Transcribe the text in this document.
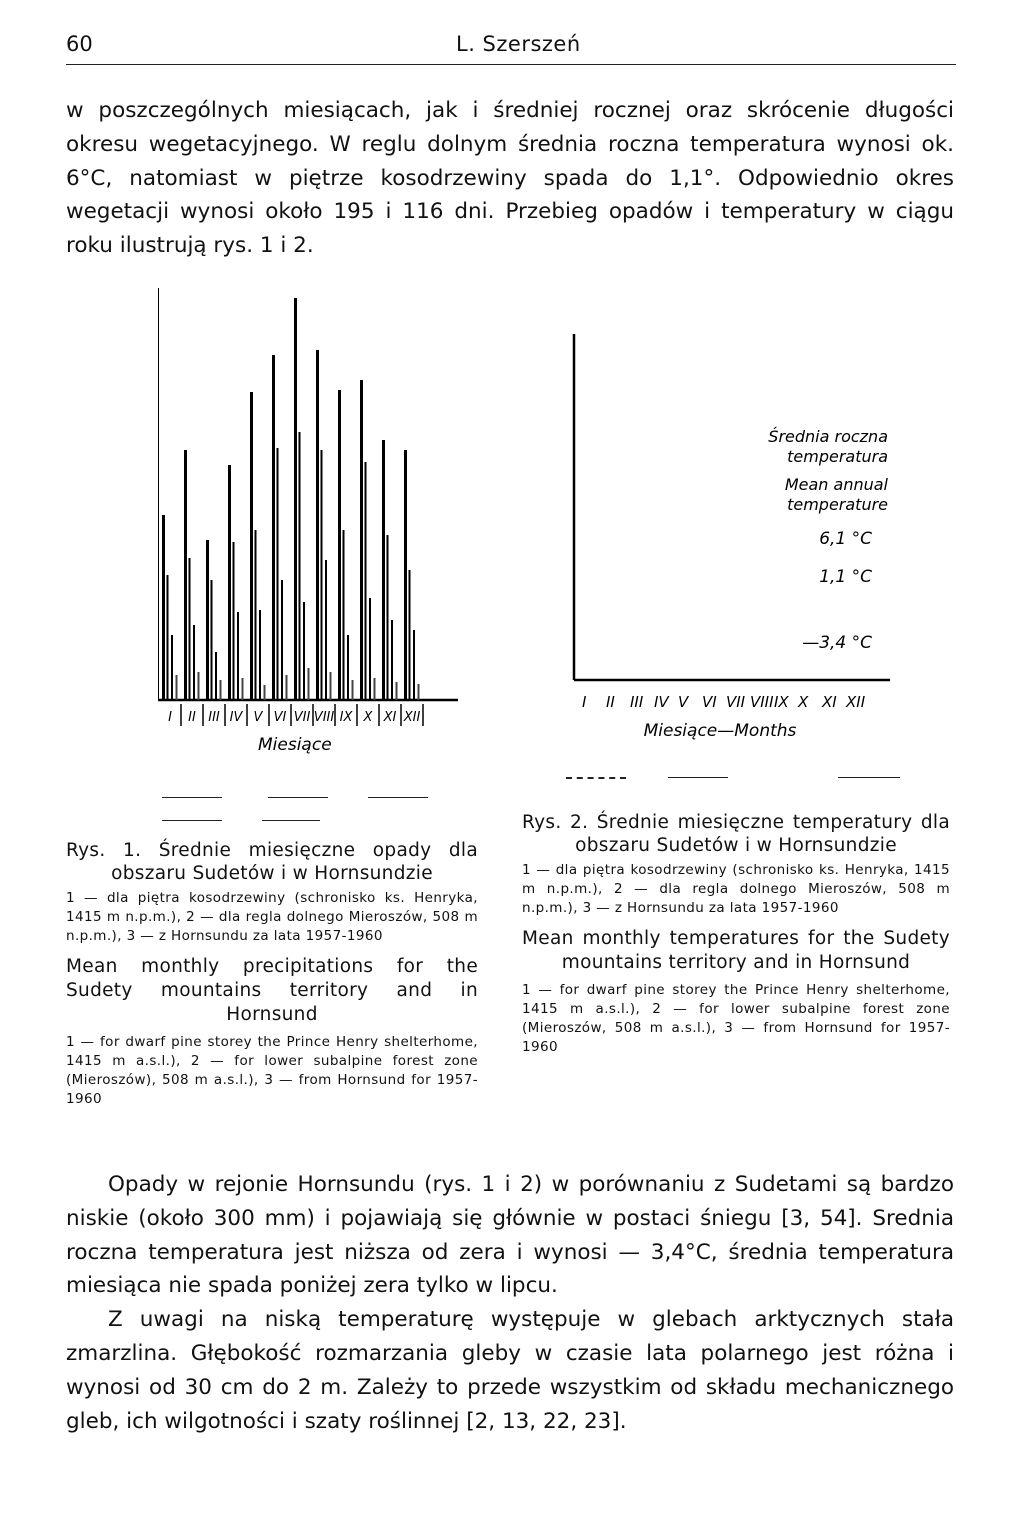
60	L. Szerszeń

w poszczególnych miesiącach, jak i średniej rocznej oraz skrócenie długości okresu wegetacyjnego. W reglu dolnym średnia roczna temperatura wynosi ok. 6°C, natomiast w piętrze kosodrzewiny spada do 1,1°. Odpowiednio okres wegetacji wynosi około 195 i 116 dni. Przebieg opadów i temperatury w ciągu roku ilustrują rys. 1 i 2.

I II III IV V VI VII VIII IX X XI XII
Miesiące
Średnia roczna
temperatura
Mean annual
temperature
6,1 °C
1,1 °C
—3,4 °C
I II III IV V VI VII VIII IX X XI XII
Miesiące—Months

Rys. 1. Średnie miesięczne opady dla obszaru Sudetów i w Hornsundzie

1 — dla piętra kosodrzewiny (schronisko ks. Henryka, 1415 m n.p.m.), 2 — dla regla dolnego Mieroszów, 508 m n.p.m.), 3 — z Hornsundu za lata 1957-1960

Mean monthly precipitations for the Sudety mountains territory and in Hornsund

1 — for dwarf pine storey the Prince Henry shelterhome, 1415 m a.s.l.), 2 — for lower subalpine forest zone (Mieroszów), 508 m a.s.l.), 3 — from Hornsund for 1957-1960

Rys. 2. Średnie miesięczne temperatury dla obszaru Sudetów i w Hornsundzie

1 — dla piętra kosodrzewiny (schronisko ks. Henryka, 1415 m n.p.m.), 2 — dla regla dolnego Mieroszów, 508 m n.p.m.), 3 — z Hornsundu za lata 1957-1960

Mean monthly temperatures for the Sudety mountains territory and in Hornsund

1 — for dwarf pine storey the Prince Henry shelterhome, 1415 m a.s.l.), 2 — for lower subalpine forest zone (Mieroszów, 508 m a.s.l.), 3 — from Hornsund for 1957-1960

Opady w rejonie Hornsundu (rys. 1 i 2) w porównaniu z Sudetami są bardzo niskie (około 300 mm) i pojawiają się głównie w postaci śniegu [3, 54]. Srednia roczna temperatura jest niższa od zera i wynosi — 3,4°C, średnia temperatura miesiąca nie spada poniżej zera tylko w lipcu.

Z uwagi na niską temperaturę występuje w glebach arktycznych stała zmarzlina. Głębokość rozmarzania gleby w czasie lata polarnego jest różna i wynosi od 30 cm do 2 m. Zależy to przede wszystkim od składu mechanicznego gleb, ich wilgotności i szaty roślinnej [2, 13, 22, 23].
